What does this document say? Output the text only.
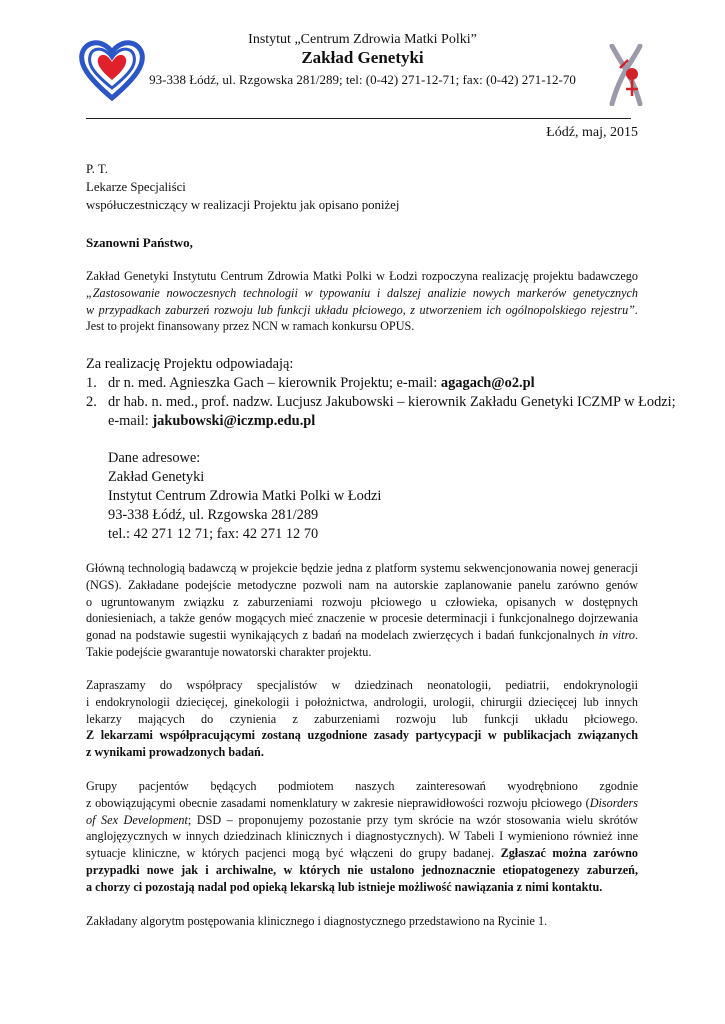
Instytut „Centrum Zdrowia Matki Polki”
Zakład Genetyki
93-338 Łódź, ul. Rzgowska 281/289; tel: (0-42) 271-12-71; fax: (0-42) 271-12-70
Łódź, maj, 2015
P. T.
Lekarze Specjaliści
współuczestniczący w realizacji Projektu jak opisano poniżej
Szanowni Państwo,
Zakład Genetyki Instytutu Centrum Zdrowia Matki Polki w Łodzi rozpoczyna realizację projektu badawczego
„Zastosowanie nowoczesnych technologii w typowaniu i dalszej analizie nowych markerów genetycznych
w przypadkach zaburzeń rozwoju lub funkcji układu płciowego, z utworzeniem ich ogólnopolskiego rejestru”.
Jest to projekt finansowany przez NCN w ramach konkursu OPUS.
Za realizację Projektu odpowiadają:
1. dr n. med. Agnieszka Gach – kierownik Projektu; e-mail: agagach@o2.pl
2. dr hab. n. med., prof. nadzw. Lucjusz Jakubowski – kierownik Zakładu Genetyki ICZMP w Łodzi;
e-mail: jakubowski@iczmp.edu.pl
Dane adresowe:
Zakład Genetyki
Instytut Centrum Zdrowia Matki Polki w Łodzi
93-338 Łódź, ul. Rzgowska 281/289
tel.: 42 271 12 71; fax: 42 271 12 70
Główną technologią badawczą w projekcie będzie jedna z platform systemu sekwencjonowania nowej generacji
(NGS). Zakładane podejście metodyczne pozwoli nam na autorskie zaplanowanie panelu zarówno genów
o ugruntowanym związku z zaburzeniami rozwoju płciowego u człowieka, opisanych w dostępnych
doniesieniach, a także genów mogących mieć znaczenie w procesie determinacji i funkcjonalnego dojrzewania
gonad na podstawie sugestii wynikających z badań na modelach zwierzęcych i badań funkcjonalnych in vitro.
Takie podejście gwarantuje nowatorski charakter projektu.
Zapraszamy do współpracy specjalistów w dziedzinach neonatologii, pediatrii, endokrynologii
i endokrynologii dziecięcej, ginekologii i położnictwa, andrologii, urologii, chirurgii dziecięcej lub innych
lekarzy mających do czynienia z zaburzeniami rozwoju lub funkcji układu płciowego.
Z lekarzami współpracującymi zostaną uzgodnione zasady partycypacji w publikacjach związanych
z wynikami prowadzonych badań.
Grupy pacjentów będących podmiotem naszych zainteresowań wyodrębniono zgodnie
z obowiązującymi obecnie zasadami nomenklatury w zakresie nieprawidłowości rozwoju płciowego (Disorders
of Sex Development; DSD – proponujemy pozostanie przy tym skrócie na wzór stosowania wielu skrótów
anglojęzycznych w innych dziedzinach klinicznych i diagnostycznych). W Tabeli I wymieniono również inne
sytuacje kliniczne, w których pacjenci mogą być włączeni do grupy badanej. Zgłaszać można zarówno
przypadki nowe jak i archiwalne, w których nie ustalono jednoznacznie etiopatogenezy zaburzeń,
a chorzy ci pozostają nadal pod opieką lekarską lub istnieje możliwość nawiązania z nimi kontaktu.
Zakładany algorytm postępowania klinicznego i diagnostycznego przedstawiono na Rycinie 1.
